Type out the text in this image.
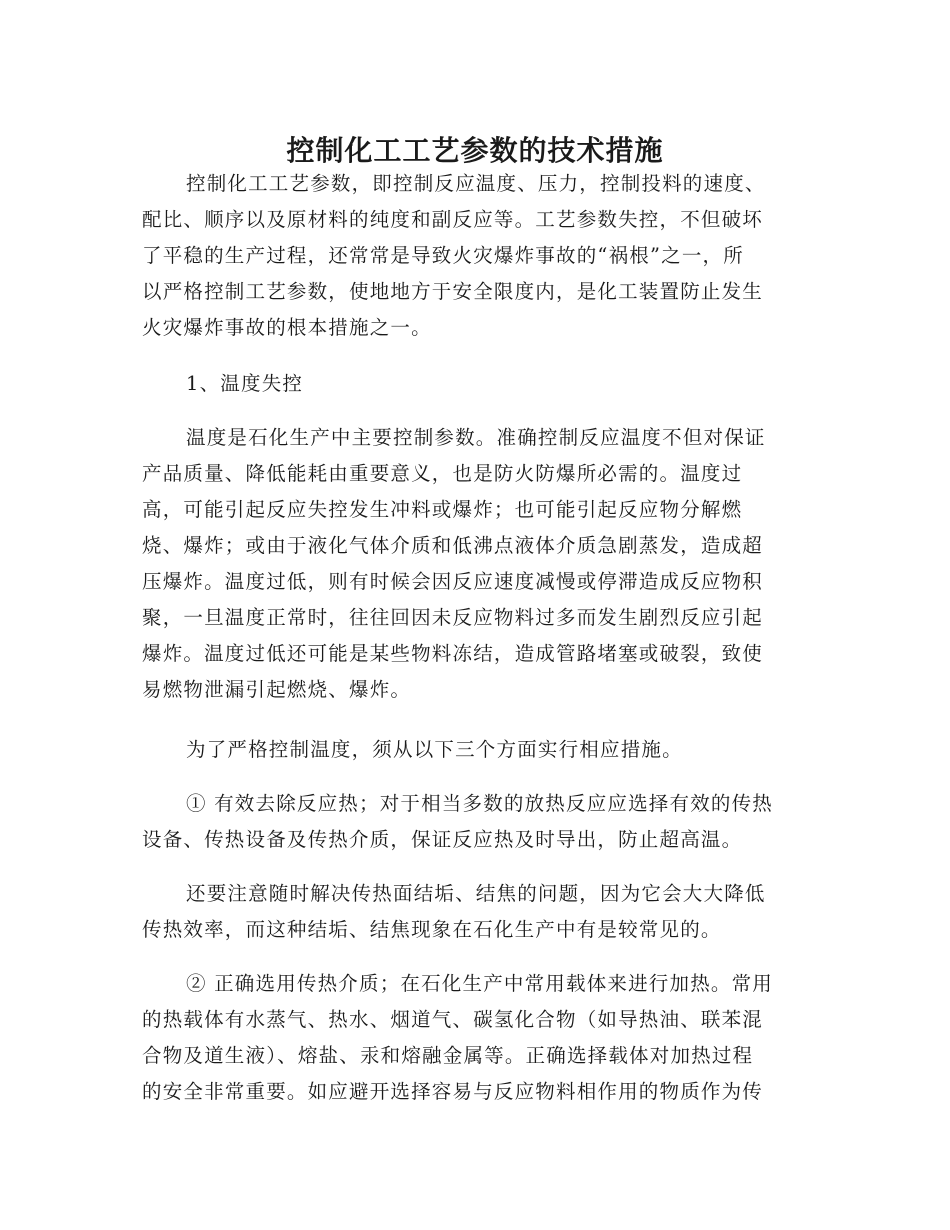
控制化工工艺参数的技术措施

控制化工工艺参数，即控制反应温度、压力，控制投料的速度、
配比、顺序以及原材料的纯度和副反应等。工艺参数失控，不但破坏
了平稳的生产过程，还常常是导致火灾爆炸事故的“祸根”之一，所
以严格控制工艺参数，使地地方于安全限度内，是化工装置防止发生
火灾爆炸事故的根本措施之一。

1、温度失控

温度是石化生产中主要控制参数。准确控制反应温度不但对保证
产品质量、降低能耗由重要意义，也是防火防爆所必需的。温度过
高，可能引起反应失控发生冲料或爆炸；也可能引起反应物分解燃
烧、爆炸；或由于液化气体介质和低沸点液体介质急剧蒸发，造成超
压爆炸。温度过低，则有时候会因反应速度减慢或停滞造成反应物积
聚，一旦温度正常时，往往回因未反应物料过多而发生剧烈反应引起
爆炸。温度过低还可能是某些物料冻结，造成管路堵塞或破裂，致使
易燃物泄漏引起燃烧、爆炸。

为了严格控制温度，须从以下三个方面实行相应措施。

① 有效去除反应热；对于相当多数的放热反应应选择有效的传热
设备、传热设备及传热介质，保证反应热及时导出，防止超高温。

还要注意随时解决传热面结垢、结焦的问题，因为它会大大降低
传热效率，而这种结垢、结焦现象在石化生产中有是较常见的。

② 正确选用传热介质；在石化生产中常用载体来进行加热。常用
的热载体有水蒸气、热水、烟道气、碳氢化合物（如导热油、联苯混
合物及道生液）、熔盐、汞和熔融金属等。正确选择载体对加热过程
的安全非常重要。如应避开选择容易与反应物料相作用的物质作为传
